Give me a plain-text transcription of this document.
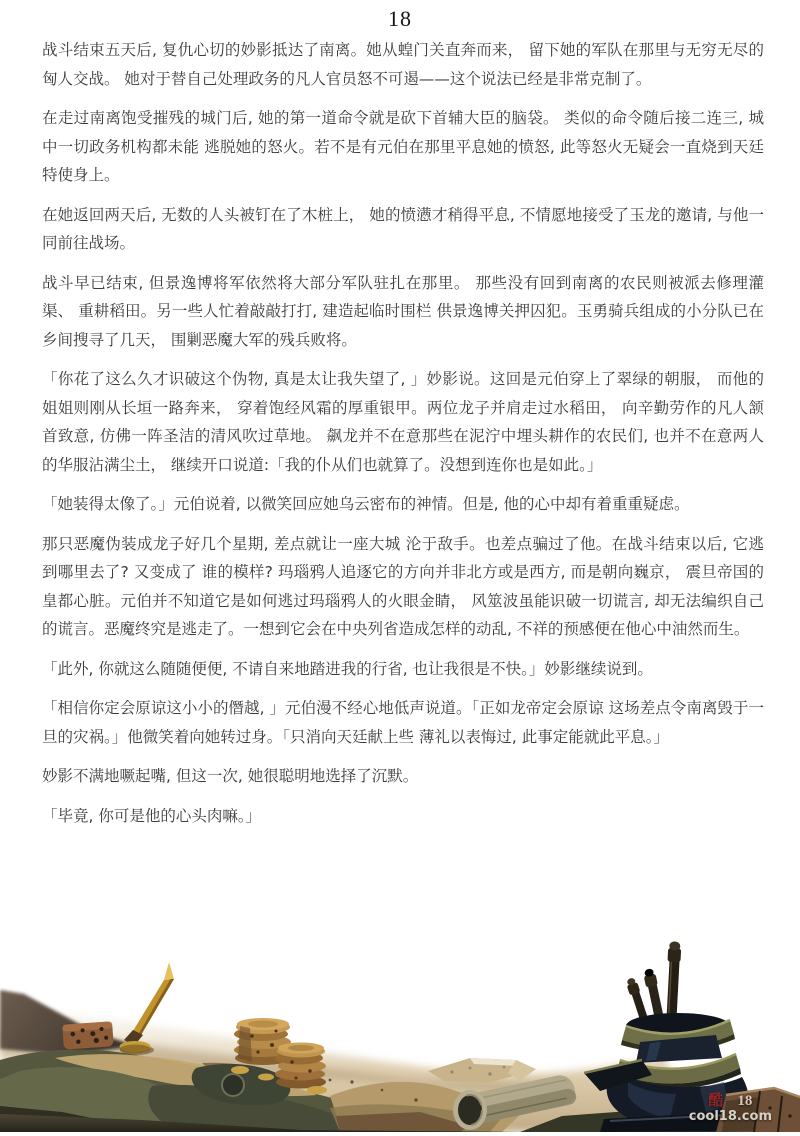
18

战斗结束五天后, 复仇心切的妙影抵达了南离。她从蝗门关直奔而来， 留下她的军队在那里与无穷无尽的匈人交战。 她对于替自己处理政务的凡人官员怒不可遏——这个说法已经是非常克制了。

在走过南离饱受摧残的城门后, 她的第一道命令就是砍下首辅大臣的脑袋。 类似的命令随后接二连三, 城中一切政务机构都未能 逃脱她的怒火。若不是有元伯在那里平息她的愤怒, 此等怒火无疑会一直烧到天廷特使身上。

在她返回两天后, 无数的人头被钉在了木桩上， 她的愤懑才稍得平息, 不情愿地接受了玉龙的邀请, 与他一同前往战场。

战斗早已结束, 但景逸博将军依然将大部分军队驻扎在那里。 那些没有回到南离的农民则被派去修理灌渠、 重耕稻田。另一些人忙着敲敲打打, 建造起临时围栏 供景逸博关押囚犯。玉勇骑兵组成的小分队已在乡间搜寻了几天， 围剿恶魔大军的残兵败将。

「你花了这么久才识破这个伪物, 真是太让我失望了, 」妙影说。这回是元伯穿上了翠绿的朝服， 而他的姐姐则刚从长垣一路奔来， 穿着饱经风霜的厚重银甲。两位龙子并肩走过水稻田， 向辛勤劳作的凡人颔首致意, 仿佛一阵圣洁的清风吹过草地。 飙龙并不在意那些在泥泞中埋头耕作的农民们, 也并不在意两人的华服沾满尘土， 继续开口说道:「我的仆从们也就算了。没想到连你也是如此。」

「她装得太像了。」元伯说着, 以微笑回应她乌云密布的神情。但是, 他的心中却有着重重疑虑。

那只恶魔伪装成龙子好几个星期, 差点就让一座大城 沦于敌手。也差点骗过了他。在战斗结束以后, 它逃到哪里去了? 又变成了 谁的模样? 玛瑙鸦人追逐它的方向并非北方或是西方, 而是朝向巍京， 震旦帝国的皇都心脏。元伯并不知道它是如何逃过玛瑙鸦人的火眼金睛， 风筮波虽能识破一切谎言, 却无法编织自己的谎言。恶魔终究是逃走了。一想到它会在中央列省造成怎样的动乱, 不祥的预感便在他心中油然而生。

「此外, 你就这么随随便便, 不请自来地踏进我的行省, 也让我很是不快。」妙影继续说到。

「相信你定会原谅这小小的僭越, 」元伯漫不经心地低声说道。「正如龙帝定会原谅 这场差点令南离毁于一旦的灾祸。」他微笑着向她转过身。「只消向天廷献上些 薄礼以表悔过, 此事定能就此平息。」

妙影不满地噘起嘴, 但这一次, 她很聪明地选择了沉默。

「毕竟, 你可是他的心头肉嘛。」

酷 18
cool18.com
